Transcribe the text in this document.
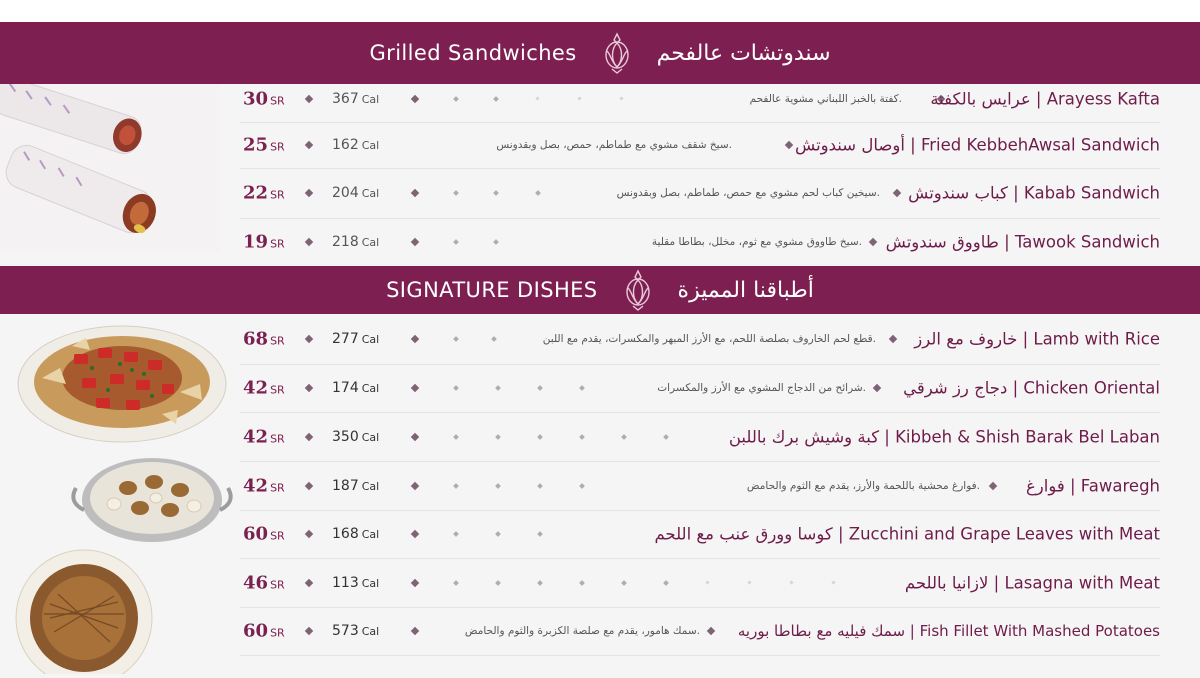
Grilled Sandwiches	سندوتشات عالفحم
SIGNATURE DISHES	أطباقنا المميزة
30 SR	367 Cal	كفتة بالخبز اللبناني مشوية عالفحم. عرايس بالكفتة | Arayess Kafta
25 SR	162 Cal	سيخ شقف مشوي مع طماطم، حمص، بصل وبقدونس.	أوصال سندوتش | Fried KebbehAwsal Sandwich
22 SR	204 Cal	سيخين كباب لحم مشوي مع حمص، طماطم، بصل وبقدونس. كباب سندوتش | Kabab Sandwich
19 SR	218 Cal	سيخ طاووق مشوي مع ثوم، مخلل، بطاطا مقلية. طاووق سندوتش | Tawook Sandwich
68 SR	277 Cal	قطع لحم الخاروف بصلصة اللحم، مع الأرز المبهر والمكسرات، يقدم مع اللبن. خاروف مع الرز | Lamb with Rice
42 SR	174 Cal	شرائح من الدجاج المشوي مع الأرز والمكسرات. دجاج رز شرقي | Chicken Oriental
42 SR	350 Cal	كبة وشيش برك باللبن | Kibbeh & Shish Barak Bel Laban
42 SR	187 Cal	فوارغ محشية باللحمة والأرز، يقدم مع الثوم والحامض.	فوارغ | Fawaregh
60 SR	168 Cal	كوسا وورق عنب مع اللحم | Zucchini and Grape Leaves with Meat
46 SR	113 Cal	لازانيا باللحم | Lasagna with Meat
60 SR	573 Cal	سمك هامور، يقدم مع صلصة الكزبرة والثوم والحامض.	سمك فيليه مع بطاطا بوريه | Fish Fillet With Mashed Potatoes
